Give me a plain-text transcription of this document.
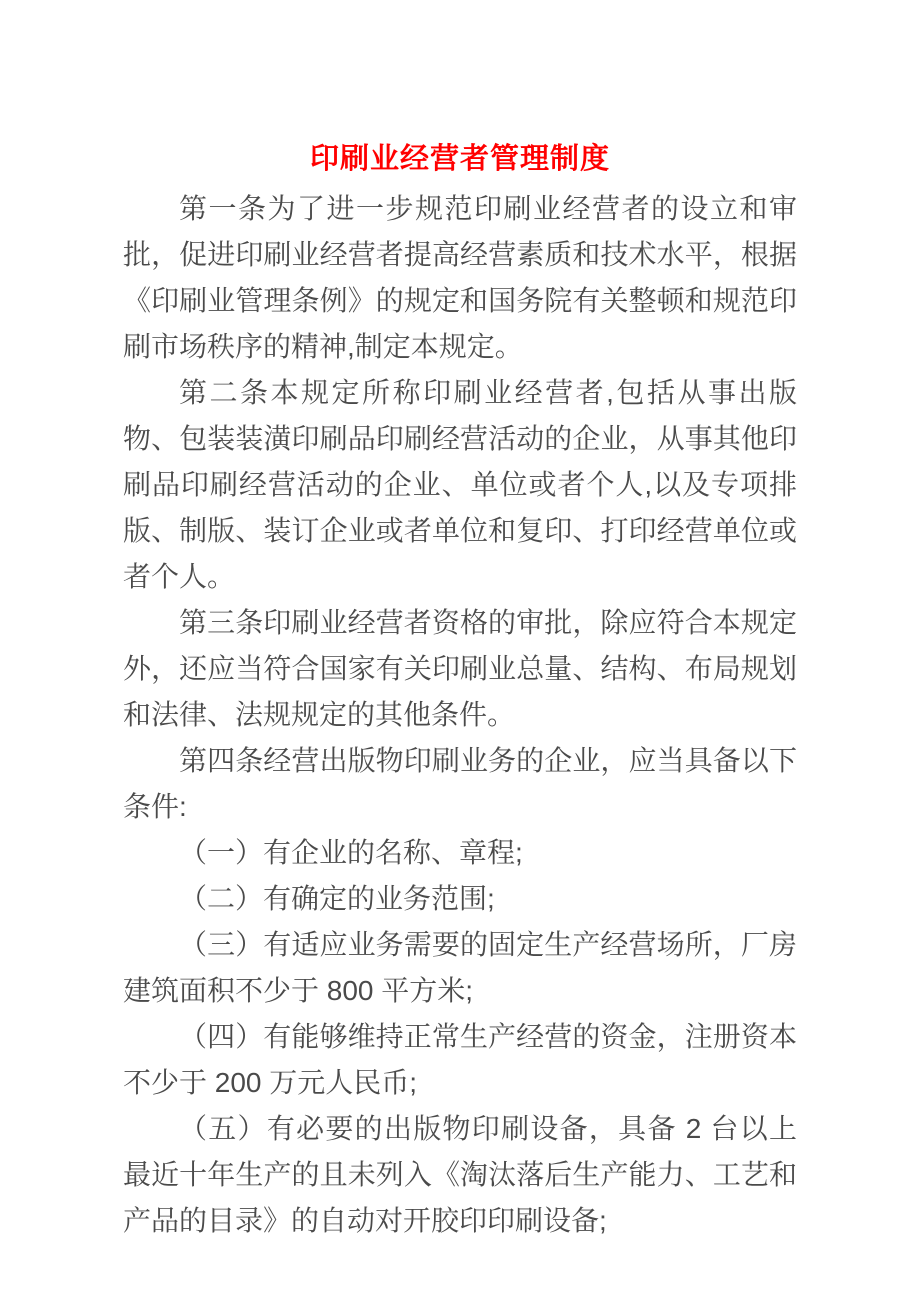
印刷业经营者管理制度

第一条为了进一步规范印刷业经营者的设立和审批，促进印刷业经营者提高经营素质和技术水平，根据《印刷业管理条例》的规定和国务院有关整顿和规范印刷市场秩序的精神,制定本规定。

第二条本规定所称印刷业经营者,包括从事出版物、包装装潢印刷品印刷经营活动的企业，从事其他印刷品印刷经营活动的企业、单位或者个人,以及专项排版、制版、装订企业或者单位和复印、打印经营单位或者个人。

第三条印刷业经营者资格的审批，除应符合本规定外，还应当符合国家有关印刷业总量、结构、布局规划和法律、法规规定的其他条件。

第四条经营出版物印刷业务的企业，应当具备以下条件:

（一）有企业的名称、章程;

（二）有确定的业务范围;

（三）有适应业务需要的固定生产经营场所，厂房建筑面积不少于 800 平方米;

（四）有能够维持正常生产经营的资金，注册资本不少于 200 万元人民币;

（五）有必要的出版物印刷设备，具备 2 台以上最近十年生产的且未列入《淘汰落后生产能力、工艺和产品的目录》的自动对开胶印印刷设备;
